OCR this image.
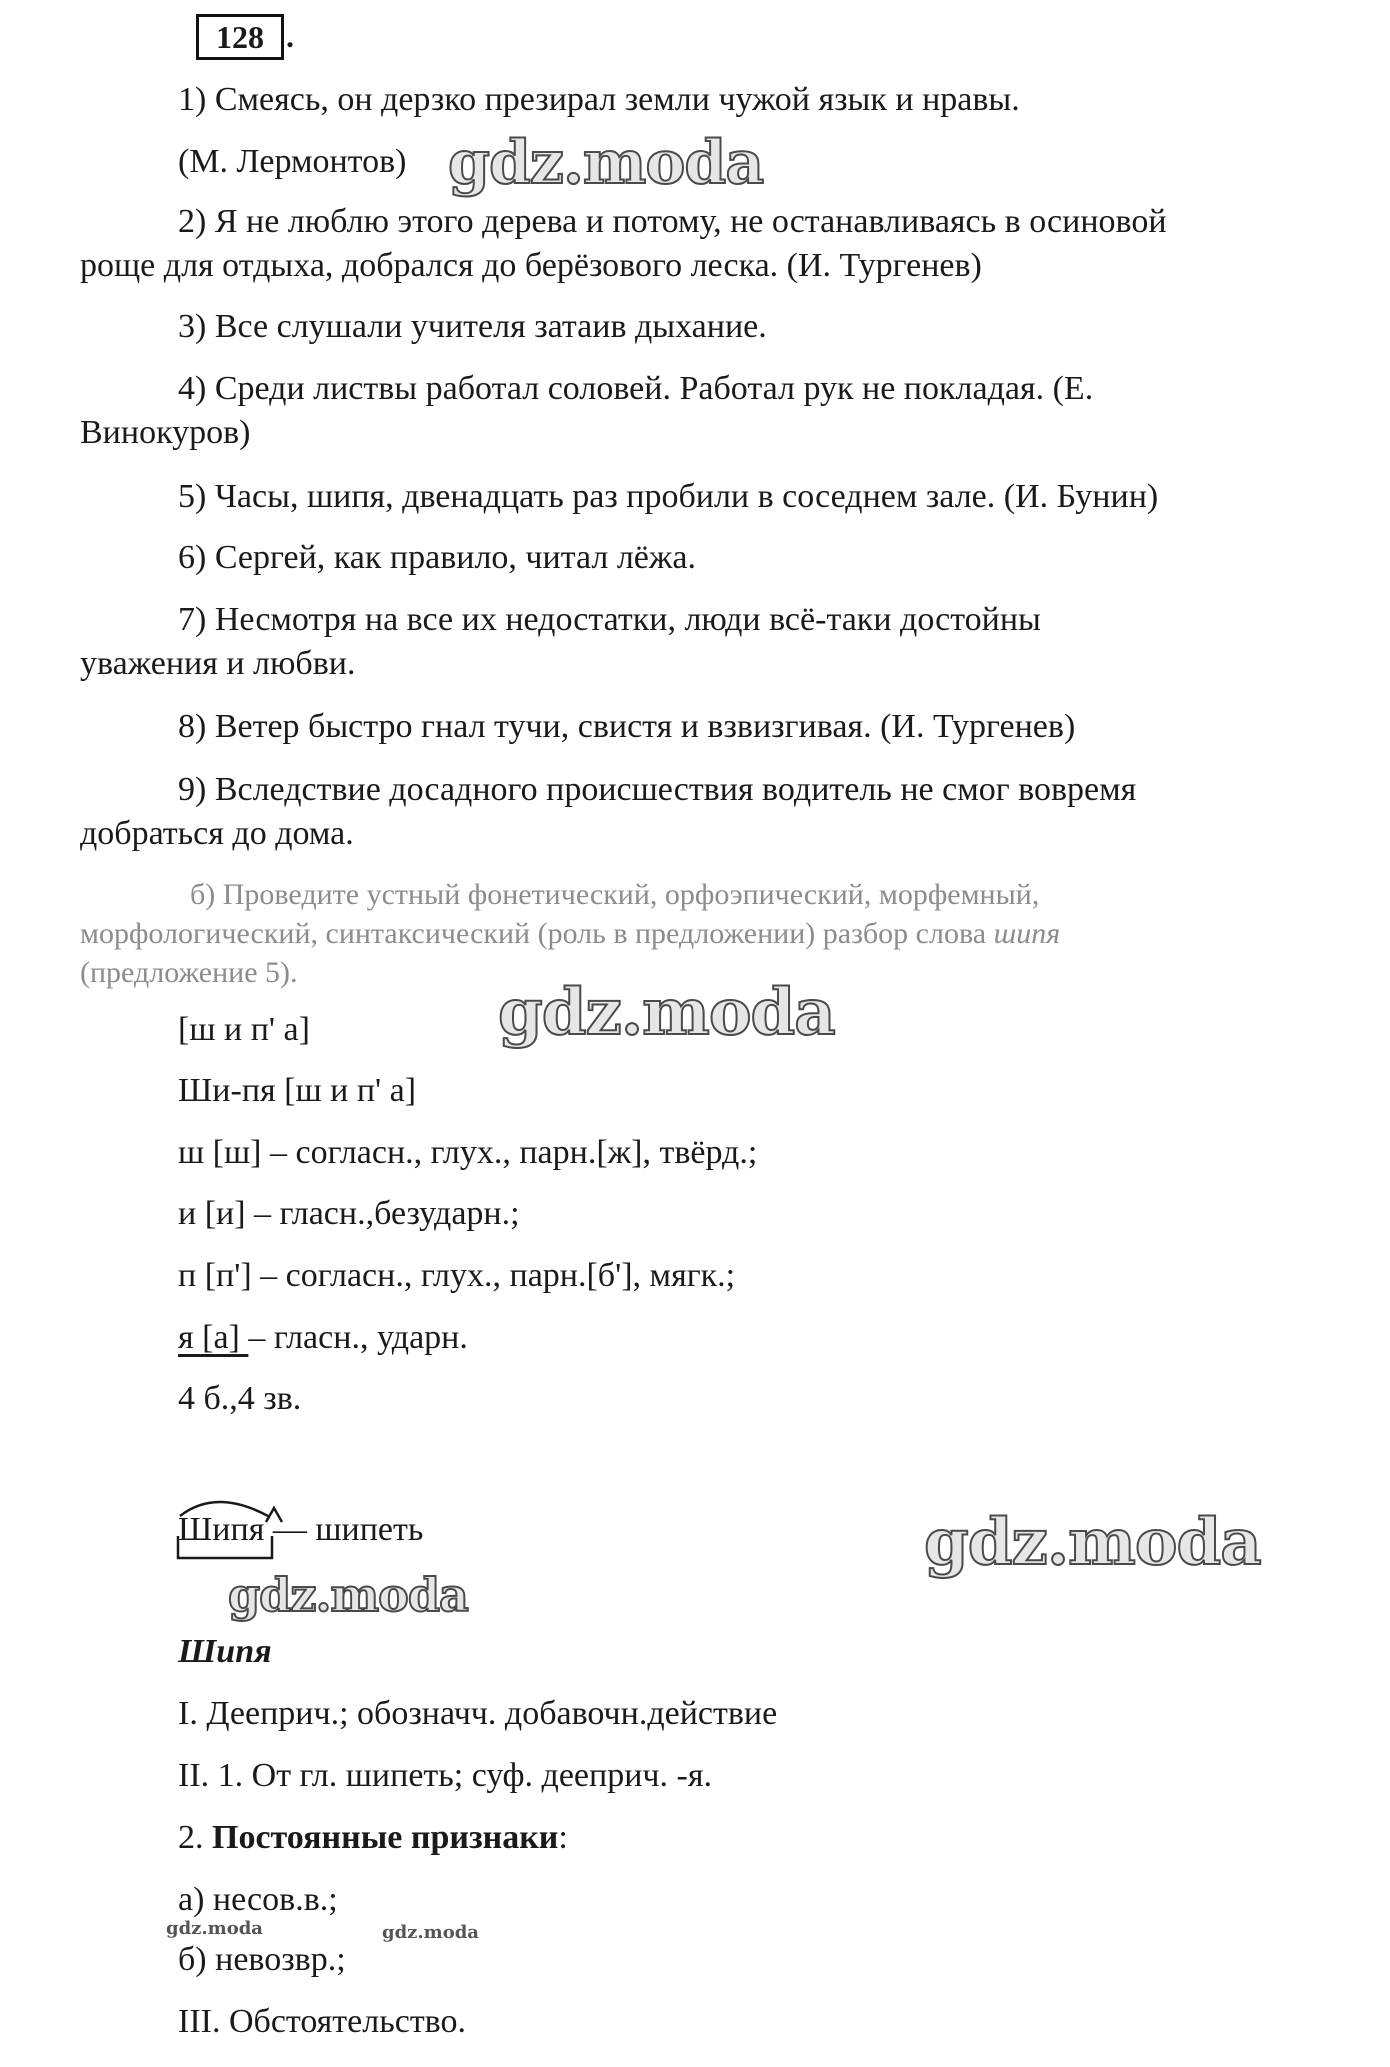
128 .
1) Смеясь, он дерзко презирал земли чужой язык и нравы.
(М. Лермонтов)
2) Я не люблю этого дерева и потому, не останавливаясь в осиновой
роще для отдыха, добрался до берёзового леска. (И. Тургенев)
3) Все слушали учителя затаив дыхание.
4) Среди листвы работал соловей. Работал рук не покладая. (Е.
Винокуров)
5) Часы, шипя, двенадцать раз пробили в соседнем зале. (И. Бунин)
6) Сергей, как правило, читал лёжа.
7) Несмотря на все их недостатки, люди всё-таки достойны
уважения и любви.
8) Ветер быстро гнал тучи, свистя и взвизгивая. (И. Тургенев)
9) Вследствие досадного происшествия водитель не смог вовремя
добраться до дома.
б) Проведите устный фонетический, орфоэпический, морфемный,
морфологический, синтаксический (роль в предложении) разбор слова шипя
(предложение 5).
[ш и п' а]
Ши-пя [ш и п' а]
ш [ш] – согласн., глух., парн.[ж], твёрд.;
и [и] – гласн.,безударн.;
п [п'] – согласн., глух., парн.[б'], мягк.;
я [а] – гласн., ударн.
4 б.,4 зв.
Шипя — шипеть
Шипя
I. Дееприч.; обозначч. добавочн.действие
II. 1. От гл. шипеть; суф. дееприч. -я.
2. Постоянные признаки:
а) несов.в.;
б) невозвр.;
III. Обстоятельство.
gdz.moda
gdz.moda
gdz.moda
gdz.moda
gdz.moda	gdz.moda
